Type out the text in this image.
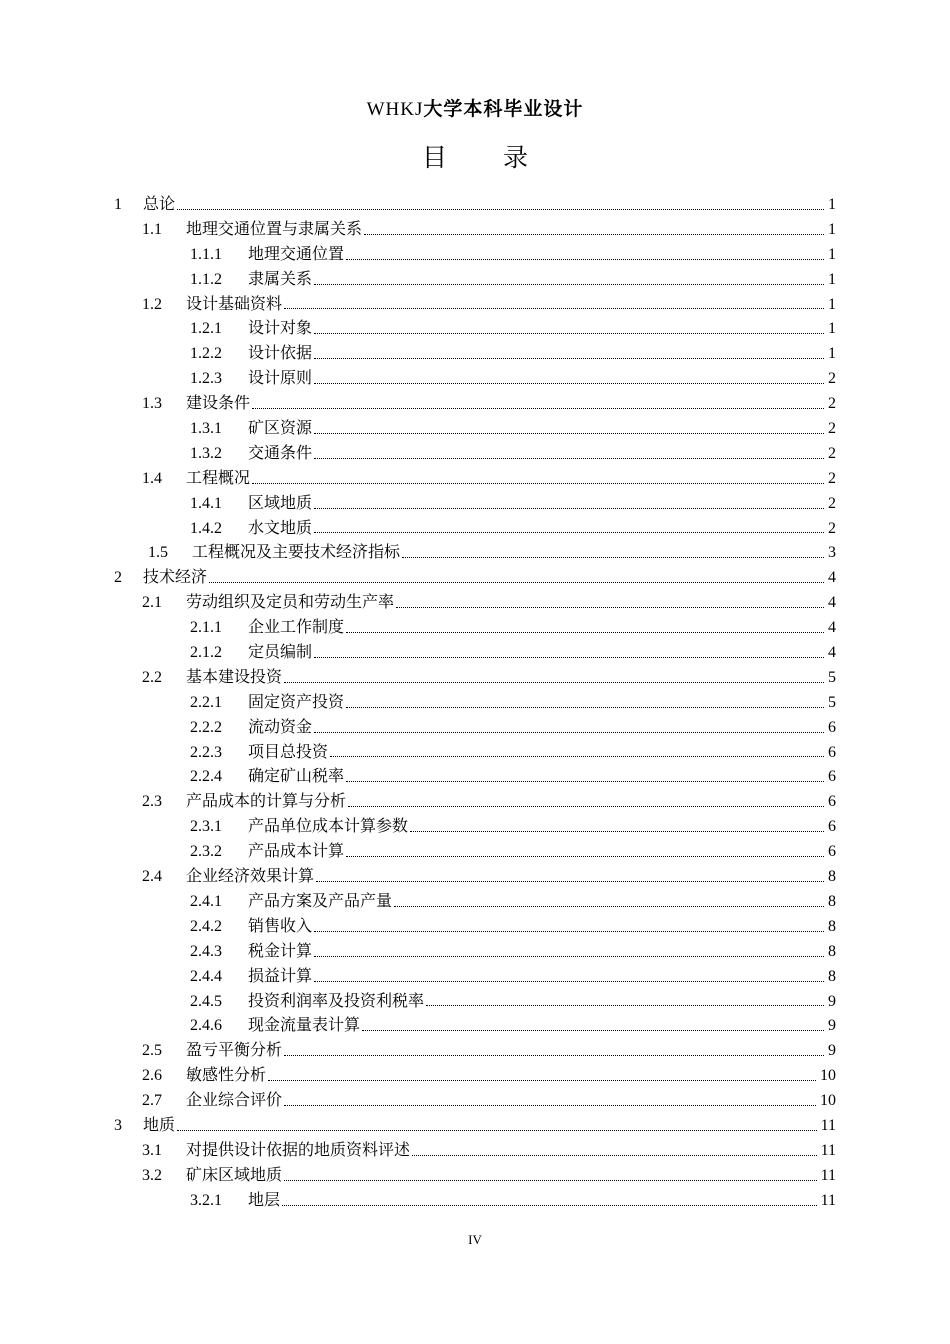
WHKJ大学本科毕业设计
目 录
1	总论	1
1.1	地理交通位置与隶属关系	1
1.1.1	地理交通位置	1
1.1.2	隶属关系	1
1.2	设计基础资料	1
1.2.1	设计对象	1
1.2.2	设计依据	1
1.2.3	设计原则	2
1.3	建设条件	2
1.3.1	矿区资源	2
1.3.2	交通条件	2
1.4	工程概况	2
1.4.1	区域地质	2
1.4.2	水文地质	2
1.5	工程概况及主要技术经济指标	3
2	技术经济	4
2.1	劳动组织及定员和劳动生产率	4
2.1.1	企业工作制度	4
2.1.2	定员编制	4
2.2	基本建设投资	5
2.2.1	固定资产投资	5
2.2.2	流动资金	6
2.2.3	项目总投资	6
2.2.4	确定矿山税率	6
2.3	产品成本的计算与分析	6
2.3.1	产品单位成本计算参数	6
2.3.2	产品成本计算	6
2.4	企业经济效果计算	8
2.4.1	产品方案及产品产量	8
2.4.2	销售收入	8
2.4.3	税金计算	8
2.4.4	损益计算	8
2.4.5	投资利润率及投资利税率	9
2.4.6	现金流量表计算	9
2.5	盈亏平衡分析	9
2.6	敏感性分析	10
2.7	企业综合评价	10
3	地质	11
3.1	对提供设计依据的地质资料评述	11
3.2	矿床区域地质	11
3.2.1	地层	11
IV
